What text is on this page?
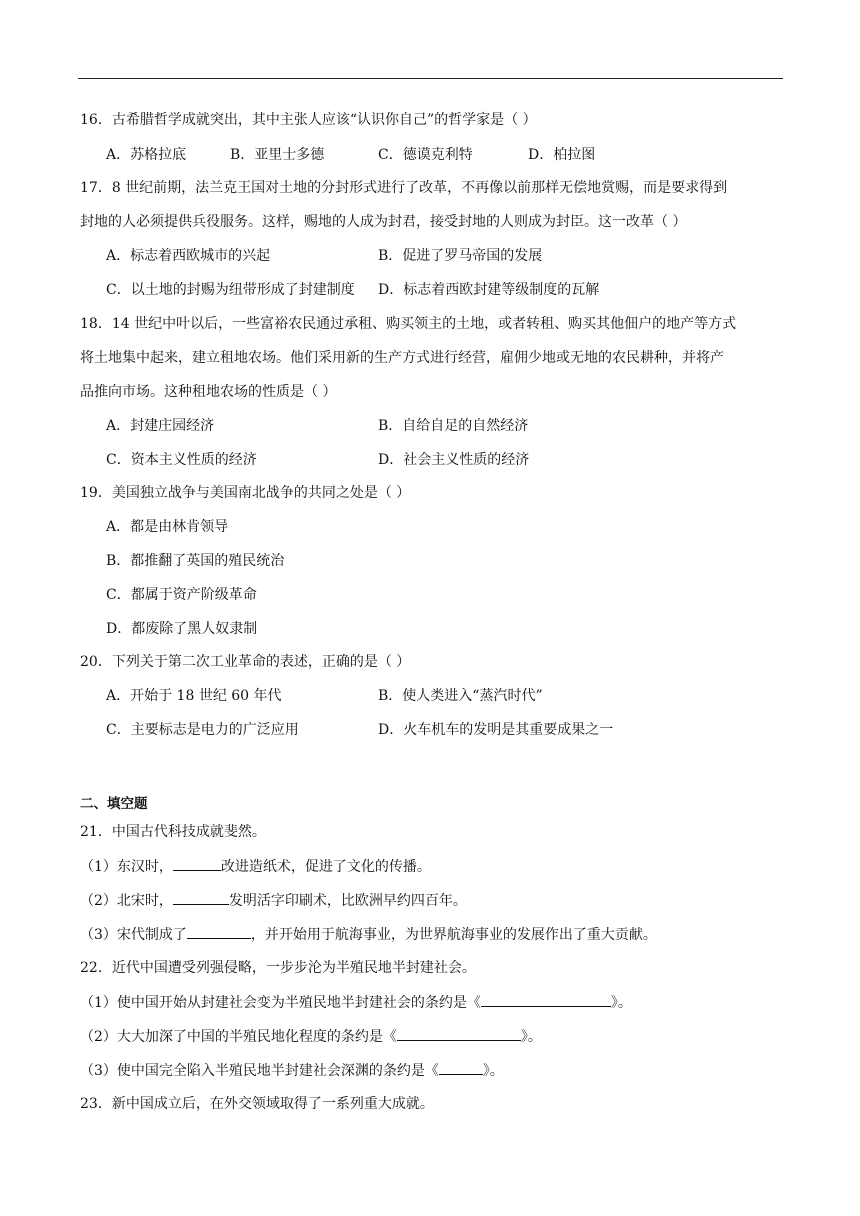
16．古希腊哲学成就突出，其中主张人应该“认识你自己”的哲学家是（ ）
A．苏格拉底	B．亚里士多德	C．德谟克利特	D．柏拉图
17．8 世纪前期，法兰克王国对土地的分封形式进行了改革，不再像以前那样无偿地赏赐，而是要求得到
封地的人必须提供兵役服务。这样，赐地的人成为封君，接受封地的人则成为封臣。这一改革（ ）
A．标志着西欧城市的兴起	B．促进了罗马帝国的发展
C．以土地的封赐为纽带形成了封建制度 D．标志着西欧封建等级制度的瓦解
18．14 世纪中叶以后，一些富裕农民通过承租、购买领主的土地，或者转租、购买其他佃户的地产等方式
将土地集中起来，建立租地农场。他们采用新的生产方式进行经营，雇佣少地或无地的农民耕种，并将产
品推向市场。这种租地农场的性质是（ ）
A．封建庄园经济	B．自给自足的自然经济
C．资本主义性质的经济	D．社会主义性质的经济
19．美国独立战争与美国南北战争的共同之处是（ ）
A．都是由林肯领导
B．都推翻了英国的殖民统治
C．都属于资产阶级革命
D．都废除了黑人奴隶制
20．下列关于第二次工业革命的表述，正确的是（ ）
A．开始于 18 世纪 60 年代	B．使人类进入“蒸汽时代”
C．主要标志是电力的广泛应用	D．火车机车的发明是其重要成果之一
二、填空题
21．中国古代科技成就斐然。
（1）东汉时，	改进造纸术，促进了文化的传播。
（2）北宋时，	发明活字印刷术，比欧洲早约四百年。
（3）宋代制成了	，并开始用于航海事业，为世界航海事业的发展作出了重大贡献。
22．近代中国遭受列强侵略，一步步沦为半殖民地半封建社会。
（1）使中国开始从封建社会变为半殖民地半封建社会的条约是《	》。
（2）大大加深了中国的半殖民地化程度的条约是《	》。
（3）使中国完全陷入半殖民地半封建社会深渊的条约是《	》。
23．新中国成立后，在外交领域取得了一系列重大成就。
